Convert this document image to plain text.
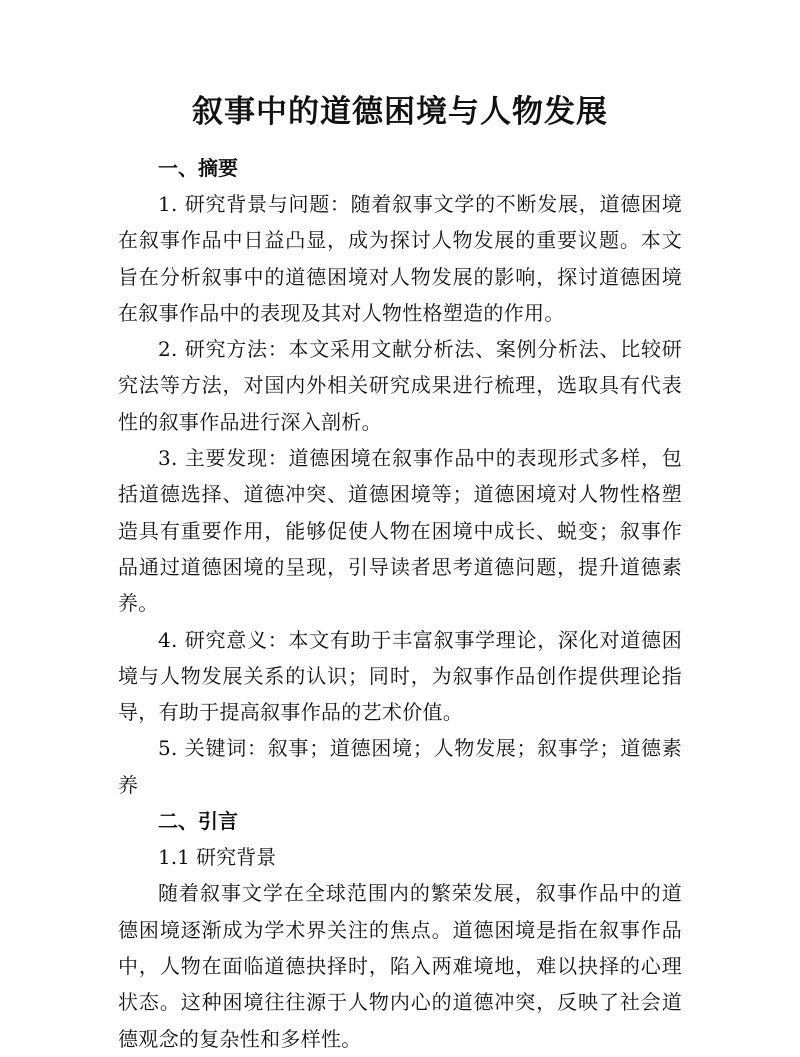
叙事中的道德困境与人物发展

一、摘要

1. 研究背景与问题：随着叙事文学的不断发展，道德困境在叙事作品中日益凸显，成为探讨人物发展的重要议题。本文旨在分析叙事中的道德困境对人物发展的影响，探讨道德困境在叙事作品中的表现及其对人物性格塑造的作用。

2. 研究方法：本文采用文献分析法、案例分析法、比较研究法等方法，对国内外相关研究成果进行梳理，选取具有代表性的叙事作品进行深入剖析。

3. 主要发现：道德困境在叙事作品中的表现形式多样，包括道德选择、道德冲突、道德困境等；道德困境对人物性格塑造具有重要作用，能够促使人物在困境中成长、蜕变；叙事作品通过道德困境的呈现，引导读者思考道德问题，提升道德素养。

4. 研究意义：本文有助于丰富叙事学理论，深化对道德困境与人物发展关系的认识；同时，为叙事作品创作提供理论指导，有助于提高叙事作品的艺术价值。

5. 关键词：叙事；道德困境；人物发展；叙事学；道德素养

二、引言

1.1 研究背景

随着叙事文学在全球范围内的繁荣发展，叙事作品中的道德困境逐渐成为学术界关注的焦点。道德困境是指在叙事作品中，人物在面临道德抉择时，陷入两难境地，难以抉择的心理状态。这种困境往往源于人物内心的道德冲突，反映了社会道德观念的复杂性和多样性。
